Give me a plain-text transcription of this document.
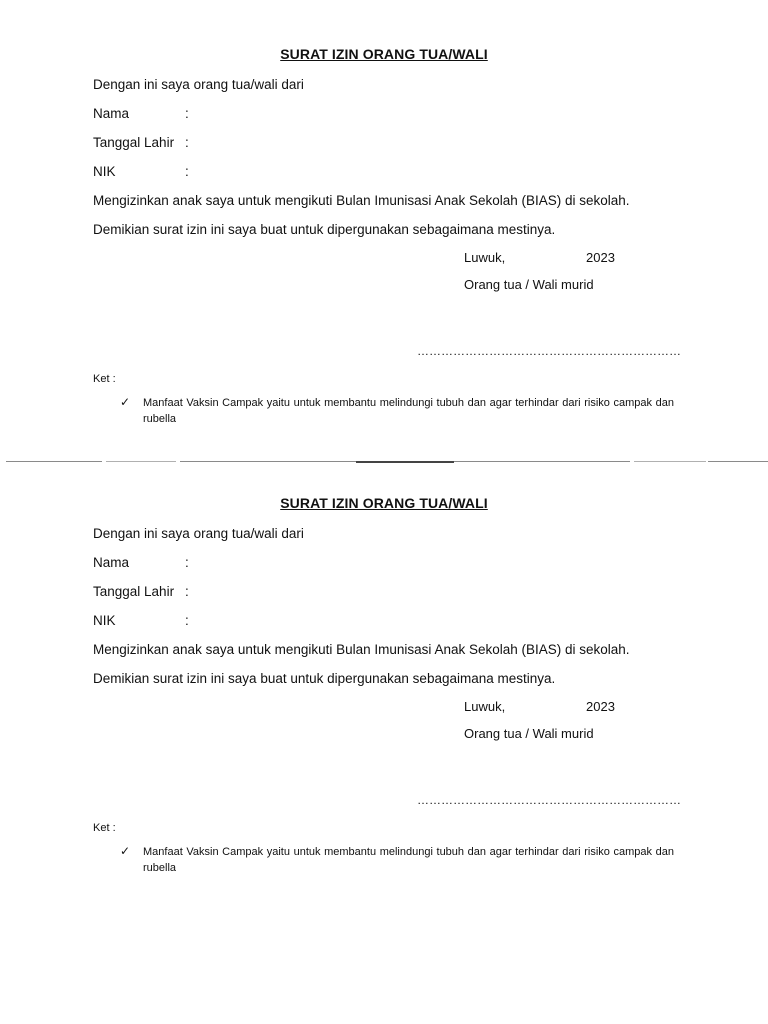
SURAT IZIN ORANG TUA/WALI
Dengan ini saya orang tua/wali dari
Nama	:
Tanggal Lahir :
NIK	:
Mengizinkan anak saya untuk mengikuti Bulan Imunisasi Anak Sekolah (BIAS) di sekolah.
Demikian surat izin ini saya buat untuk dipergunakan sebagaimana mestinya.
Luwuk,	2023
Orang tua / Wali murid
…………………………………………………………
Ket :
✓ Manfaat Vaksin Campak yaitu untuk membantu melindungi tubuh dan agar terhindar dari risiko campak dan rubella
SURAT IZIN ORANG TUA/WALI
Dengan ini saya orang tua/wali dari
Nama	:
Tanggal Lahir :
NIK	:
Mengizinkan anak saya untuk mengikuti Bulan Imunisasi Anak Sekolah (BIAS) di sekolah.
Demikian surat izin ini saya buat untuk dipergunakan sebagaimana mestinya.
Luwuk,	2023
Orang tua / Wali murid
…………………………………………………………
Ket :
✓ Manfaat Vaksin Campak yaitu untuk membantu melindungi tubuh dan agar terhindar dari risiko campak dan rubella
